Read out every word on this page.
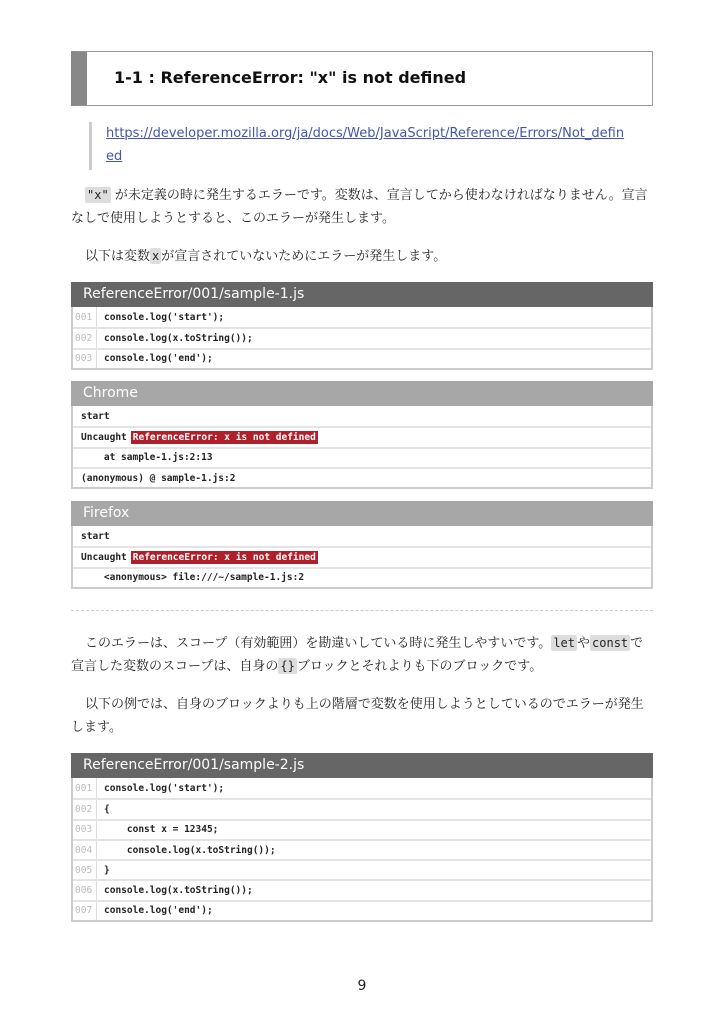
1-1 : ReferenceError: "x" is not defined
https://developer.mozilla.org/ja/docs/Web/JavaScript/Reference/Errors/Not_defined

"x" が未定義の時に発生するエラーです。変数は、宣言してから使わなければなりません。宣言なしで使用しようとすると、このエラーが発生します。

以下は変数 x が宣言されていないためにエラーが発生します。

ReferenceError/001/sample-1.js
001	console.log('start');
002	console.log(x.toString());
003	console.log('end');
Chrome
start
Uncaught ReferenceError: x is not defined
at sample-1.js:2:13
(anonymous) @ sample-1.js:2
Firefox
start
Uncaught ReferenceError: x is not defined
<anonymous> file:///~/sample-1.js:2

このエラーは、スコープ（有効範囲）を勘違いしている時に発生しやすいです。 let や const で宣言した変数のスコープは、自身の {} ブロックとそれよりも下のブロックです。

以下の例では、自身のブロックよりも上の階層で変数を使用しようとしているのでエラーが発生します。

ReferenceError/001/sample-2.js
001	console.log('start');
002	{
003	const x = 12345;
004	console.log(x.toString());
005	}
006	console.log(x.toString());
007	console.log('end');
9
